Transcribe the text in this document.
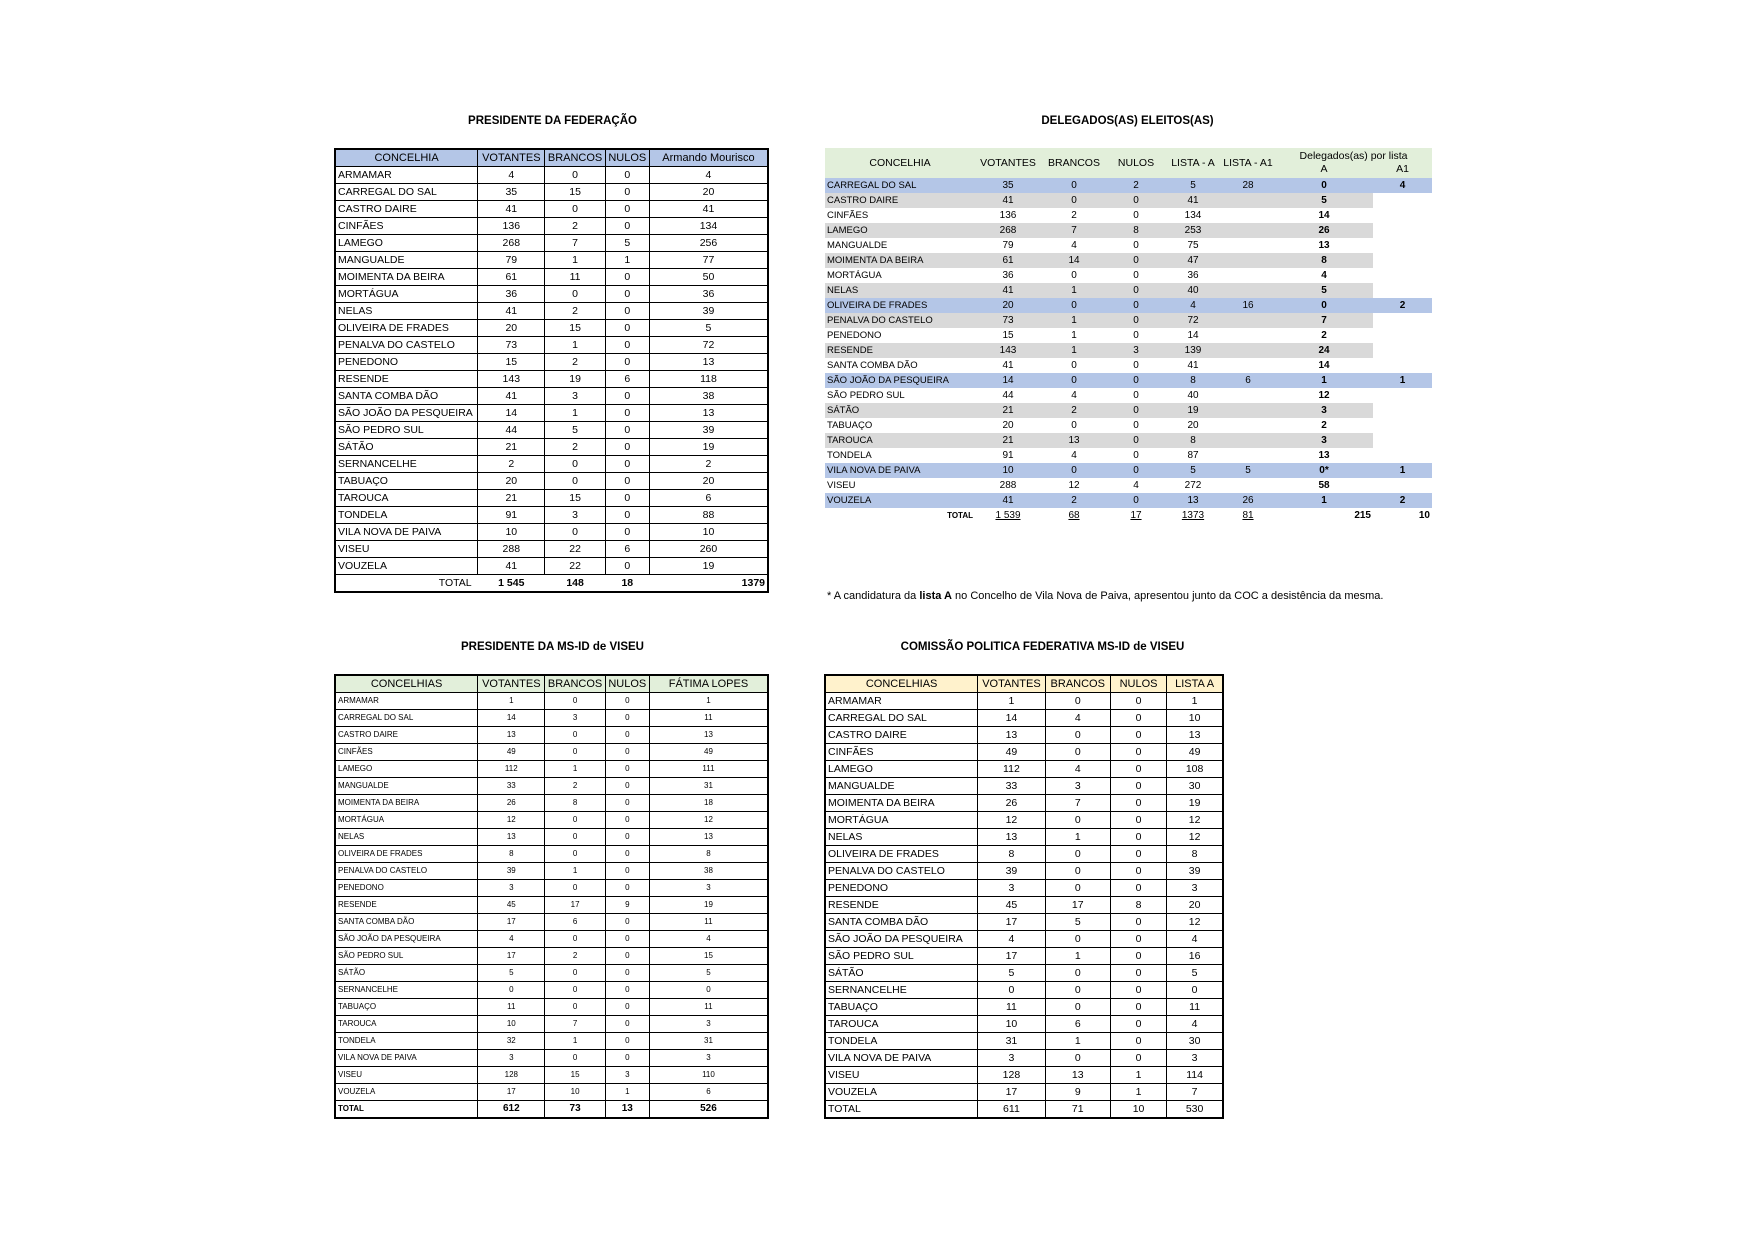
PRESIDENTE DA FEDERAÇÃO	DELEGADOS(AS) ELEITOS(AS)
PRESIDENTE DA MS-ID de VISEU	COMISSÃO POLITICA FEDERATIVA MS-ID de VISEU
CONCELHIA	VOTANTES	BRANCOS	NULOS	Armando Mourisco
ARMAMAR	4	0	0	4
CARREGAL DO SAL	35	15	0	20
CASTRO DAIRE	41	0	0	41
CINFÃES	136	2	0	134
LAMEGO	268	7	5	256
MANGUALDE	79	1	1	77
MOIMENTA DA BEIRA	61	11	0	50
MORTÁGUA	36	0	0	36
NELAS	41	2	0	39
OLIVEIRA DE FRADES	20	15	0	5
PENALVA DO CASTELO	73	1	0	72
PENEDONO	15	2	0	13
RESENDE	143	19	6	118
SANTA COMBA DÃO	41	3	0	38
SÃO JOÃO DA PESQUEIRA	14	1	0	13
SÃO PEDRO SUL	44	5	0	39
SÁTÃO	21	2	0	19
SERNANCELHE	2	0	0	2
TABUAÇO	20	0	0	20
TAROUCA	21	15	0	6
TONDELA	91	3	0	88
VILA NOVA DE PAIVA	10	0	0	10
VISEU	288	22	6	260
VOUZELA	41	22	0	19
TOTAL	1 545	148	18	1379
CONCELHIA	VOTANTES	BRANCOS	NULOS	LISTA - A	LISTA - A1	Delegados(as) por lista
A A1	

CARREGAL DO SAL	35	0	2	5	28	0	4
CASTRO DAIRE	41	0	0	41		5	
CINFÃES	136	2	0	134		14	
LAMEGO	268	7	8	253		26	
MANGUALDE	79	4	0	75		13	
MOIMENTA DA BEIRA	61	14	0	47		8	
MORTÁGUA	36	0	0	36		4	
NELAS	41	1	0	40		5	
OLIVEIRA DE FRADES	20	0	0	4	16	0	2
PENALVA DO CASTELO	73	1	0	72		7	
PENEDONO	15	1	0	14		2	
RESENDE	143	1	3	139		24	
SANTA COMBA DÃO	41	0	0	41		14	
SÃO JOÃO DA PESQUEIRA	14	0	0	8	6	1	1
SÃO PEDRO SUL	44	4	0	40		12	
SÁTÃO	21	2	0	19		3	
TABUAÇO	20	0	0	20		2	
TAROUCA	21	13	0	8		3	
TONDELA	91	4	0	87		13	
VILA NOVA DE PAIVA	10	0	0	5	5	0*	1
VISEU	288	12	4	272		58	
VOUZELA	41	2	0	13	26	1	2
TOTAL	1 539	68	17	1373	81	215	10
* A candidatura da lista A no Concelho de Vila Nova de Paiva, apresentou junto da COC a desistência da mesma.
CONCELHIAS	VOTANTES	BRANCOS	NULOS	FÁTIMA LOPES
ARMAMAR	1	0	0	1
CARREGAL DO SAL	14	3	0	11
CASTRO DAIRE	13	0	0	13
CINFÃES	49	0	0	49
LAMEGO	112	1	0	111
MANGUALDE	33	2	0	31
MOIMENTA DA BEIRA	26	8	0	18
MORTÁGUA	12	0	0	12
NELAS	13	0	0	13
OLIVEIRA DE FRADES	8	0	0	8
PENALVA DO CASTELO	39	1	0	38
PENEDONO	3	0	0	3
RESENDE	45	17	9	19
SANTA COMBA DÃO	17	6	0	11
SÃO JOÃO DA PESQUEIRA	4	0	0	4
SÃO PEDRO SUL	17	2	0	15
SÁTÃO	5	0	0	5
SERNANCELHE	0	0	0	0
TABUAÇO	11	0	0	11
TAROUCA	10	7	0	3
TONDELA	32	1	0	31
VILA NOVA DE PAIVA	3	0	0	3
VISEU	128	15	3	110
VOUZELA	17	10	1	6
TOTAL	612	73	13	526
CONCELHIAS	VOTANTES	BRANCOS	NULOS	LISTA A
ARMAMAR	1	0	0	1
CARREGAL DO SAL	14	4	0	10
CASTRO DAIRE	13	0	0	13
CINFÃES	49	0	0	49
LAMEGO	112	4	0	108
MANGUALDE	33	3	0	30
MOIMENTA DA BEIRA	26	7	0	19
MORTÁGUA	12	0	0	12
NELAS	13	1	0	12
OLIVEIRA DE FRADES	8	0	0	8
PENALVA DO CASTELO	39	0	0	39
PENEDONO	3	0	0	3
RESENDE	45	17	8	20
SANTA COMBA DÃO	17	5	0	12
SÃO JOÃO DA PESQUEIRA	4	0	0	4
SÃO PEDRO SUL	17	1	0	16
SÁTÃO	5	0	0	5
SERNANCELHE	0	0	0	0
TABUAÇO	11	0	0	11
TAROUCA	10	6	0	4
TONDELA	31	1	0	30
VILA NOVA DE PAIVA	3	0	0	3
VISEU	128	13	1	114
VOUZELA	17	9	1	7
TOTAL	611	71	10	530
